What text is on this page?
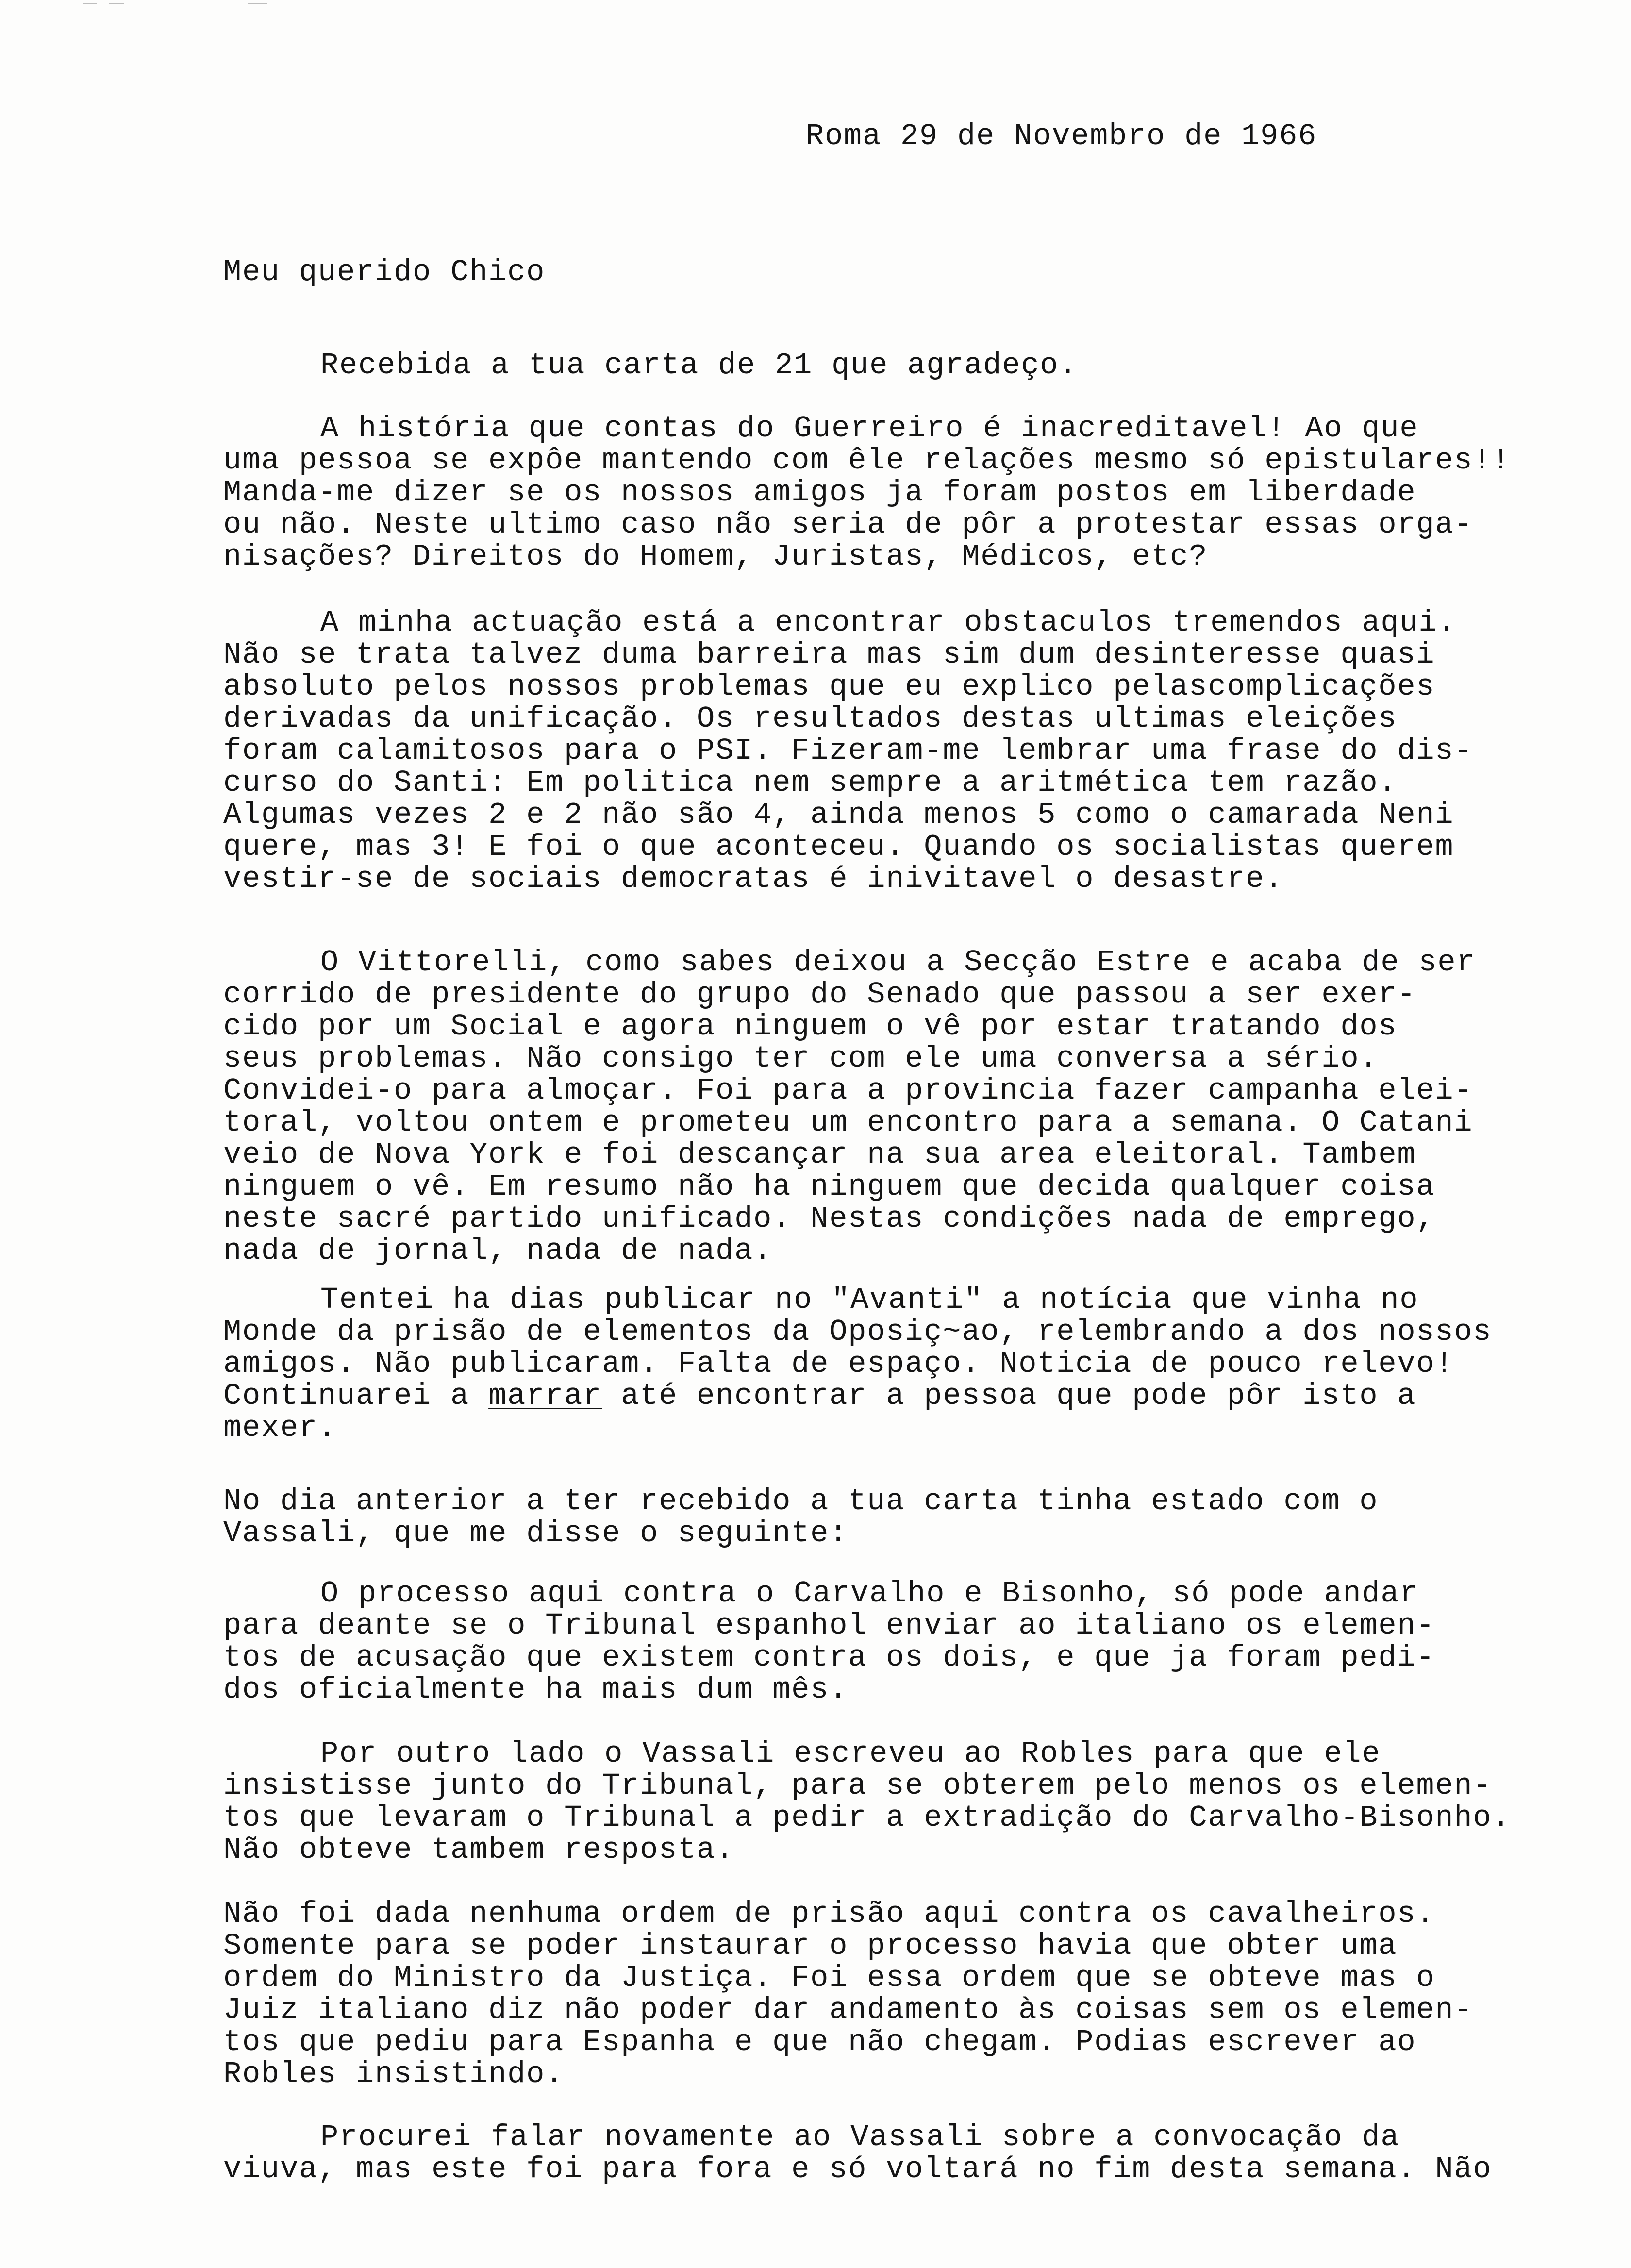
Roma 29 de Novembro de 1966
Meu querido Chico
Recebida a tua carta de 21 que agradeço.
A história que contas do Guerreiro é inacreditavel! Ao que
uma pessoa se expôe mantendo com êle relações mesmo só epistulares!!
Manda-me dizer se os nossos amigos ja foram postos em liberdade
ou não. Neste ultimo caso não seria de pôr a protestar essas orga-
nisações? Direitos do Homem, Juristas, Médicos, etc?
A minha actuação está a encontrar obstaculos tremendos aqui.
Não se trata talvez duma barreira mas sim dum desinteresse quasi
absoluto pelos nossos problemas que eu explico pelascomplicações
derivadas da unificação. Os resultados destas ultimas eleições
foram calamitosos para o PSI. Fizeram-me lembrar uma frase do dis-
curso do Santi: Em politica nem sempre a aritmética tem razão.
Algumas vezes 2 e 2 não são 4, ainda menos 5 como o camarada Neni
quere, mas 3! E foi o que aconteceu. Quando os socialistas querem
vestir-se de sociais democratas é inivitavel o desastre.
O Vittorelli, como sabes deixou a Secção Estre e acaba de ser
corrido de presidente do grupo do Senado que passou a ser exer-
cido por um Social e agora ninguem o vê por estar tratando dos
seus problemas. Não consigo ter com ele uma conversa a sério.
Convidei-o para almoçar. Foi para a provincia fazer campanha elei-
toral, voltou ontem e prometeu um encontro para a semana. O Catani
veio de Nova York e foi descançar na sua area eleitoral. Tambem
ninguem o vê. Em resumo não ha ninguem que decida qualquer coisa
neste sacré partido unificado. Nestas condições nada de emprego,
nada de jornal, nada de nada.
Tentei ha dias publicar no "Avanti" a notícia que vinha no
Monde da prisão de elementos da Oposiç~ao, relembrando a dos nossos
amigos. Não publicaram. Falta de espaço. Noticia de pouco relevo!
Continuarei a marrar até encontrar a pessoa que pode pôr isto a
mexer.
No dia anterior a ter recebido a tua carta tinha estado com o
Vassali, que me disse o seguinte:
O processo aqui contra o Carvalho e Bisonho, só pode andar
para deante se o Tribunal espanhol enviar ao italiano os elemen-
tos de acusação que existem contra os dois, e que ja foram pedi-
dos oficialmente ha mais dum mês.
Por outro lado o Vassali escreveu ao Robles para que ele
insistisse junto do Tribunal, para se obterem pelo menos os elemen-
tos que levaram o Tribunal a pedir a extradição do Carvalho-Bisonho.
Não obteve tambem resposta.
Não foi dada nenhuma ordem de prisão aqui contra os cavalheiros.
Somente para se poder instaurar o processo havia que obter uma
ordem do Ministro da Justiça. Foi essa ordem que se obteve mas o
Juiz italiano diz não poder dar andamento às coisas sem os elemen-
tos que pediu para Espanha e que não chegam. Podias escrever ao
Robles insistindo.
Procurei falar novamente ao Vassali sobre a convocação da
viuva, mas este foi para fora e só voltará no fim desta semana. Não
